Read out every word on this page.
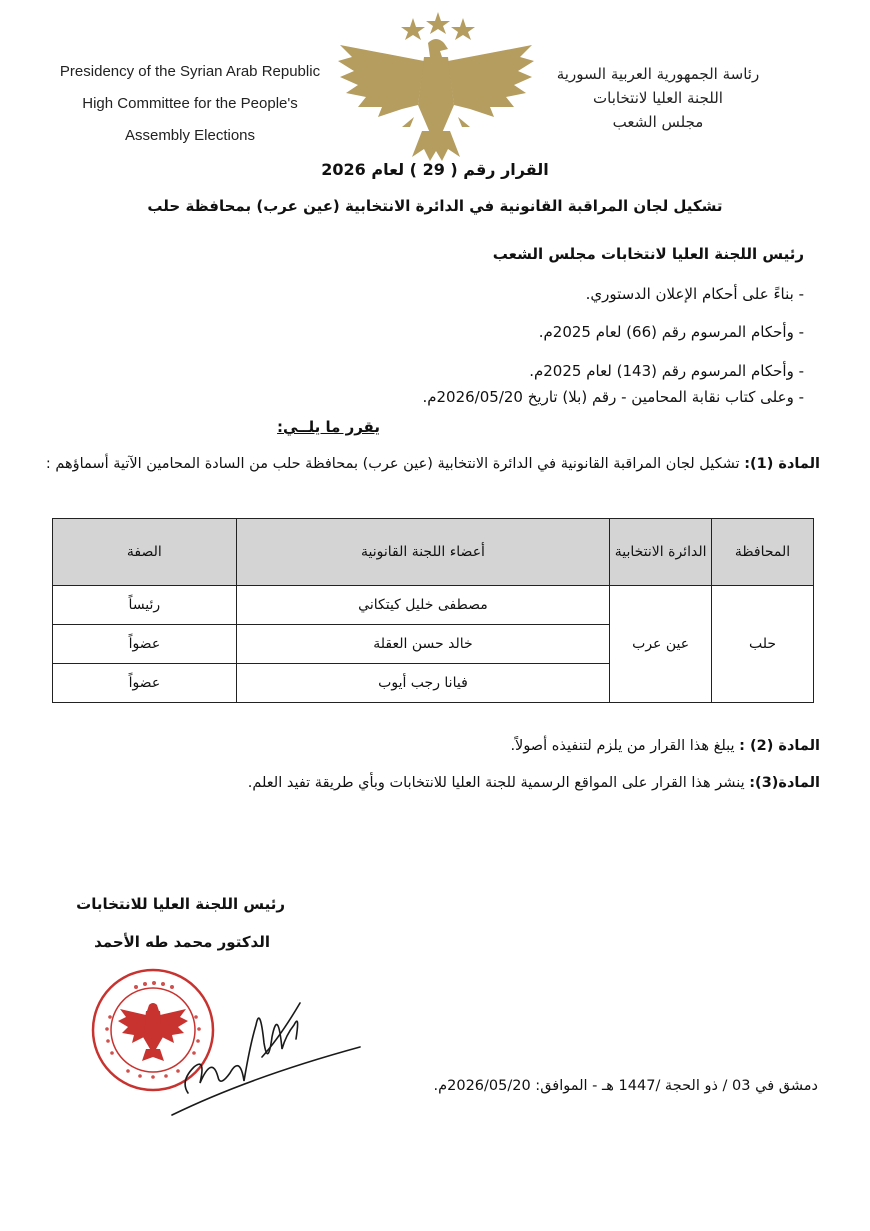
Presidency of the Syrian Arab Republic
High Committee for the People's
Assembly Elections
رئاسة الجمهورية العربية السورية
اللجنة العليا لانتخابات
مجلس الشعب
القرار رقم ( 29 ) لعام 2026
تشكيل لجان المراقبة القانونية في الدائرة الانتخابية (عين عرب) بمحافظة حلب
رئيس اللجنة العليا لانتخابات مجلس الشعب
- بناءً على أحكام الإعلان الدستوري.
- وأحكام المرسوم رقم (66) لعام 2025م.
- وأحكام المرسوم رقم (143) لعام 2025م.
- وعلى كتاب نقابة المحامين - رقم (بلا) تاريخ 2026/05/20م.
يقرر ما يلــي:
المادة (1): تشكيل لجان المراقبة القانونية في الدائرة الانتخابية (عين عرب) بمحافظة حلب من السادة المحامين الآتية أسماؤهم :
المحافظة	الدائرة الانتخابية	أعضاء اللجنة القانونية	الصفة
حلب	عين عرب	مصطفى خليل كيتكاني	رئيساً
		خالد حسن العقلة	عضواً
		فيانا رجب أيوب	عضواً
المادة (2) : يبلغ هذا القرار من يلزم لتنفيذه أصولاً.
المادة(3): ينشر هذا القرار على المواقع الرسمية للجنة العليا للانتخابات وبأي طريقة تفيد العلم.
رئيس اللجنة العليا للانتخابات
الدكتور محمد طه الأحمد
دمشق في 03 / ذو الحجة /1447 هـ - الموافق: 2026/05/20م.
